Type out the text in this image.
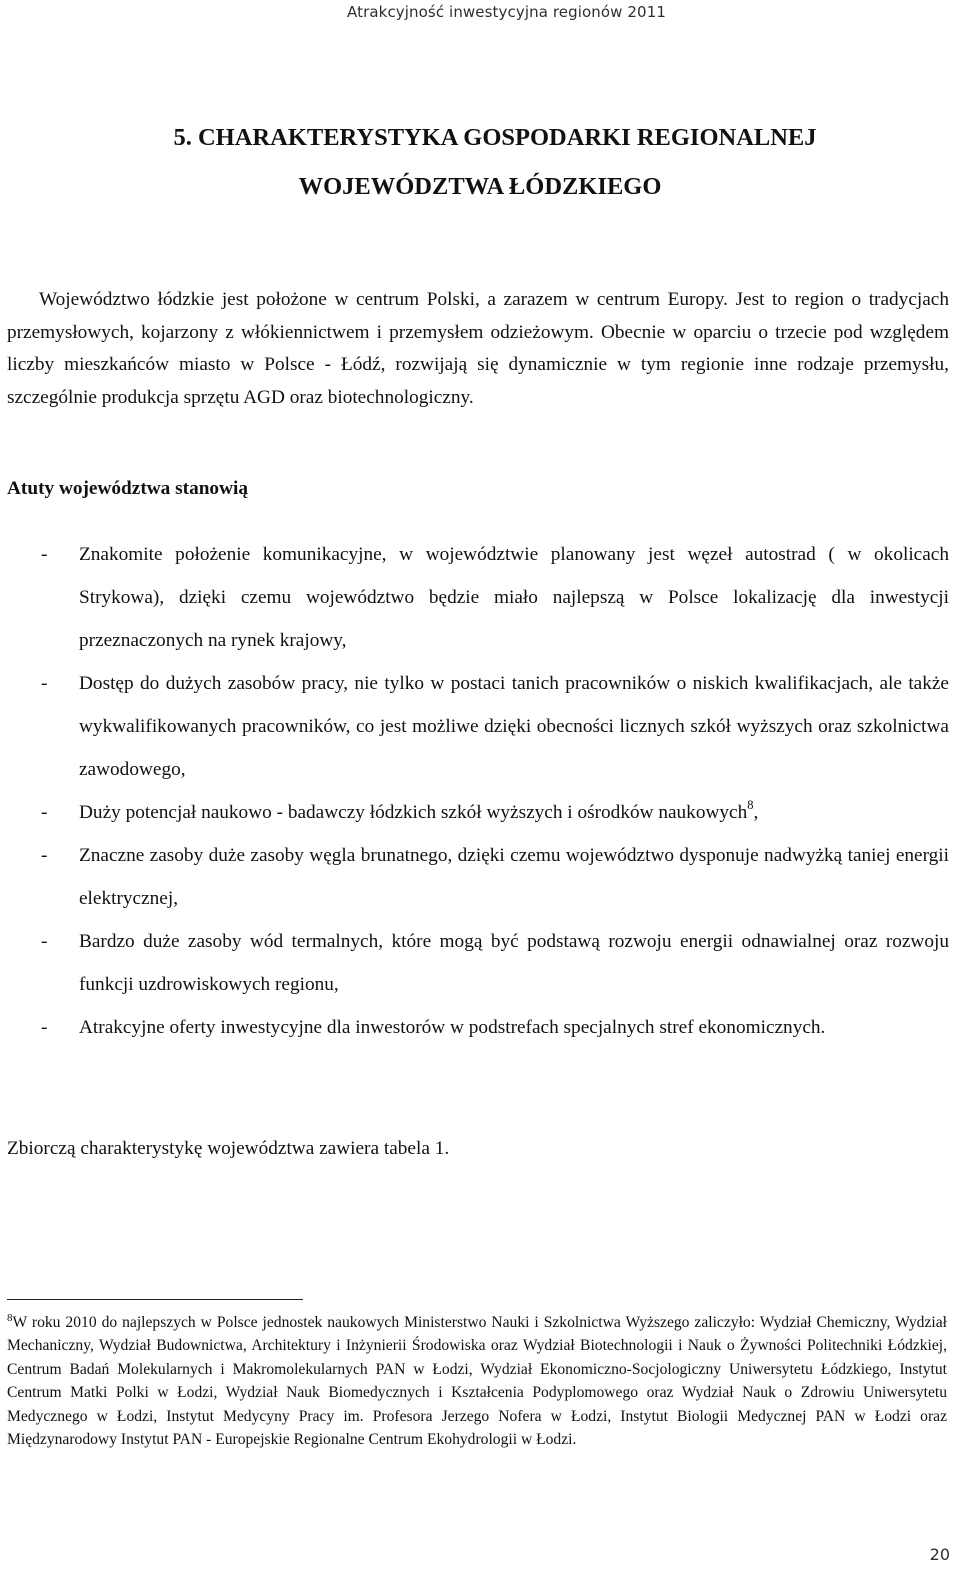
Atrakcyjność inwestycyjna regionów 2011
5. CHARAKTERYSTYKA GOSPODARKI REGIONALNEJ
WOJEWÓDZTWA ŁÓDZKIEGO

Województwo łódzkie jest położone w centrum Polski, a zarazem w centrum Europy. Jest to region o tradycjach przemysłowych, kojarzony z włókiennictwem i przemysłem odzieżowym. Obecnie w oparciu o trzecie pod względem liczby mieszkańców miasto w Polsce - Łódź, rozwijają się dynamicznie w tym regionie inne rodzaje przemysłu, szczególnie produkcja sprzętu AGD oraz biotechnologiczny.

Atuty województwa stanowią

- Znakomite położenie komunikacyjne, w województwie planowany jest węzeł autostrad ( w okolicach Strykowa), dzięki czemu województwo będzie miało najlepszą w Polsce lokalizację dla inwestycji przeznaczonych na rynek krajowy,
- Dostęp do dużych zasobów pracy, nie tylko w postaci tanich pracowników o niskich kwalifikacjach, ale także wykwalifikowanych pracowników, co jest możliwe dzięki obecności licznych szkół wyższych oraz szkolnictwa zawodowego,
- Duży potencjał naukowo - badawczy łódzkich szkół wyższych i ośrodków naukowych$^8$,
- Znaczne zasoby duże zasoby węgla brunatnego, dzięki czemu województwo dysponuje nadwyżką taniej energii elektrycznej,
- Bardzo duże zasoby wód termalnych, które mogą być podstawą rozwoju energii odnawialnej oraz rozwoju funkcji uzdrowiskowych regionu,
- Atrakcyjne oferty inwestycyjne dla inwestorów w podstrefach specjalnych stref ekonomicznych.

Zbiorczą charakterystykę województwa zawiera tabela 1.

$^8$W roku 2010 do najlepszych w Polsce jednostek naukowych Ministerstwo Nauki i Szkolnictwa Wyższego zaliczyło: Wydział Chemiczny, Wydział Mechaniczny, Wydział Budownictwa, Architektury i Inżynierii Środowiska oraz Wydział Biotechnologii i Nauk o Żywności Politechniki Łódzkiej, Centrum Badań Molekularnych i Makromolekularnych PAN w Łodzi, Wydział Ekonomiczno-Socjologiczny Uniwersytetu Łódzkiego, Instytut Centrum Matki Polki w Łodzi, Wydział Nauk Biomedycznych i Kształcenia Podyplomowego oraz Wydział Nauk o Zdrowiu Uniwersytetu Medycznego w Łodzi, Instytut Medycyny Pracy im. Profesora Jerzego Nofera w Łodzi, Instytut Biologii Medycznej PAN w Łodzi oraz Międzynarodowy Instytut PAN - Europejskie Regionalne Centrum Ekohydrologii w Łodzi.

20
